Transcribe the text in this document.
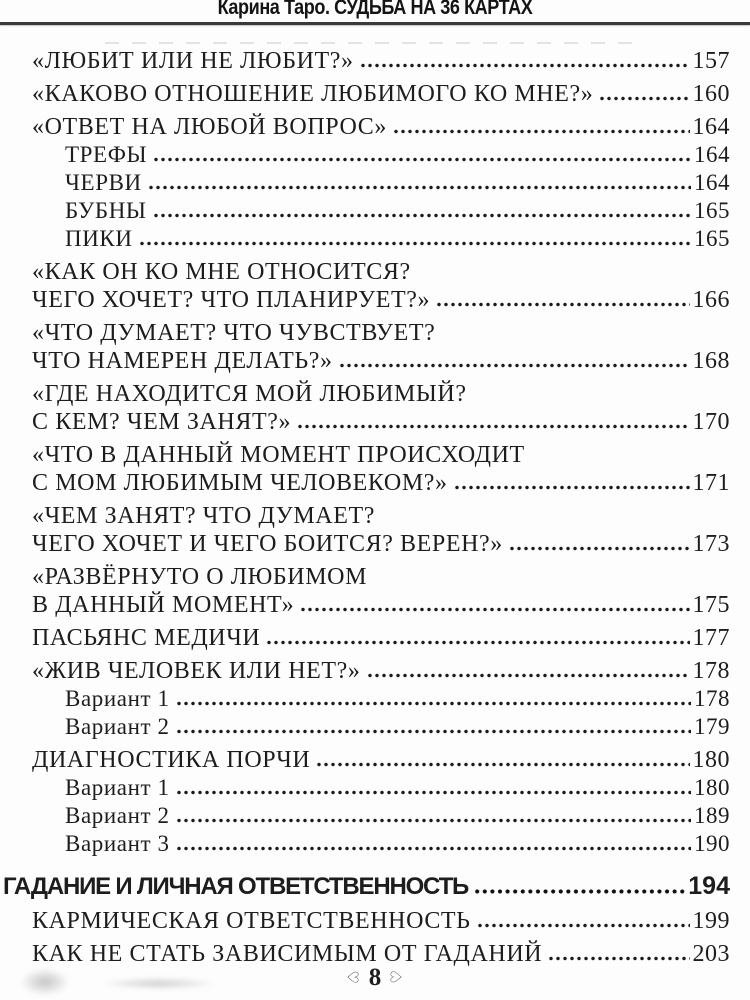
Карина Таро. СУДЬБА НА 36 КАРТАХ
«ЛЮБИТ ИЛИ НЕ ЛЮБИТ?»	157
«КАКОВО ОТНОШЕНИЕ ЛЮБИМОГО КО МНЕ?»	160
«ОТВЕТ НА ЛЮБОЙ ВОПРОС»	164
ТРЕФЫ	164
ЧЕРВИ	164
БУБНЫ	165
ПИКИ	165
«КАК ОН КО МНЕ ОТНОСИТСЯ?
ЧЕГО ХОЧЕТ? ЧТО ПЛАНИРУЕТ?»	166
«ЧТО ДУМАЕТ? ЧТО ЧУВСТВУЕТ?
ЧТО НАМЕРЕН ДЕЛАТЬ?»	168
«ГДЕ НАХОДИТСЯ МОЙ ЛЮБИМЫЙ?
С КЕМ? ЧЕМ ЗАНЯТ?»	170
«ЧТО В ДАННЫЙ МОМЕНТ ПРОИСХОДИТ
С МОМ ЛЮБИМЫМ ЧЕЛОВЕКОМ?»	171
«ЧЕМ ЗАНЯТ? ЧТО ДУМАЕТ?
ЧЕГО ХОЧЕТ И ЧЕГО БОИТСЯ? ВЕРЕН?»	173
«РАЗВЁРНУТО О ЛЮБИМОМ
В ДАННЫЙ МОМЕНТ»	175
ПАСЬЯНС МЕДИЧИ	177
«ЖИВ ЧЕЛОВЕК ИЛИ НЕТ?»	178
Вариант 1	178
Вариант 2	179
ДИАГНОСТИКА ПОРЧИ	180
Вариант 1	180
Вариант 2	189
Вариант 3	190
ГАДАНИЕ И ЛИЧНАЯ ОТВЕТСТВЕННОСТЬ	194
КАРМИЧЕСКАЯ ОТВЕТСТВЕННОСТЬ	199
КАК НЕ СТАТЬ ЗАВИСИМЫМ ОТ ГАДАНИЙ	203
♡ 8 ♡
